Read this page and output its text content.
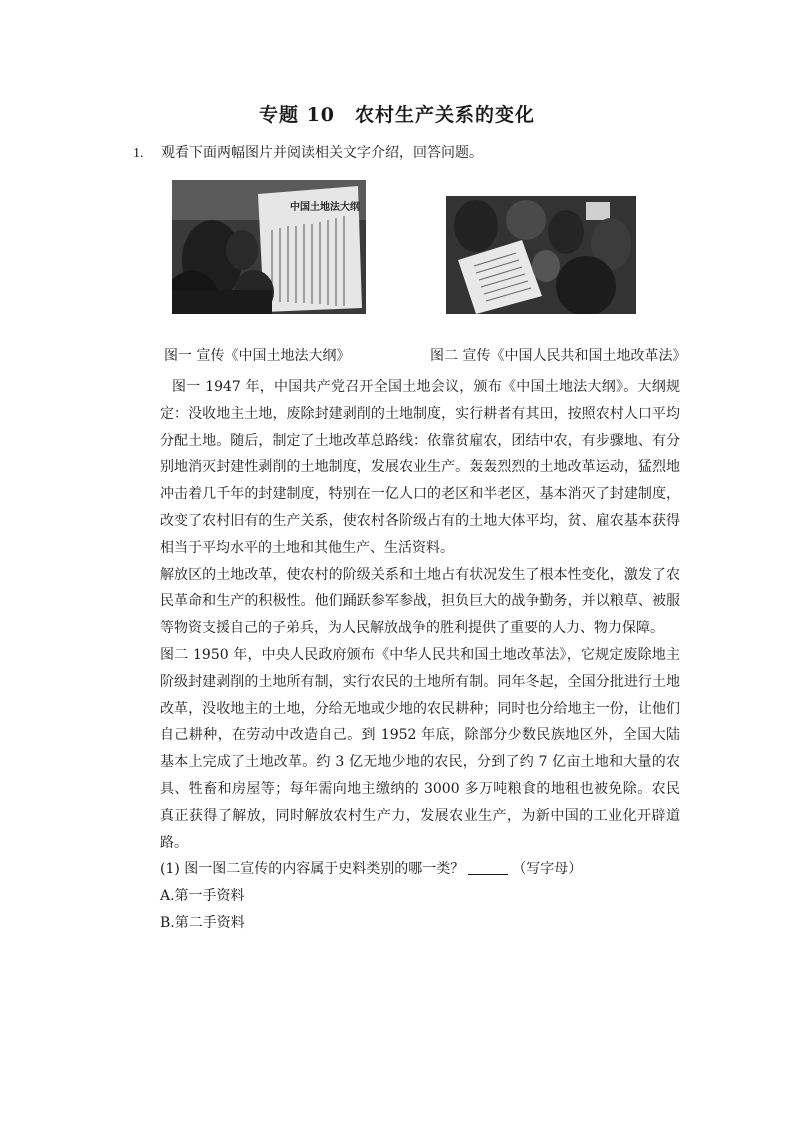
专题 10　农村生产关系的变化
1. 观看下面两幅图片并阅读相关文字介绍，回答问题。
中国土地法大纲
图一 宣传《中国土地法大纲》	图二 宣传《中国人民共和国土地改革法》

图一 1947 年，中国共产党召开全国土地会议，颁布《中国土地法大纲》。大纲规定：没收地主土地，废除封建剥削的土地制度，实行耕者有其田，按照农村人口平均分配土地。随后，制定了土地改革总路线：依靠贫雇农，团结中农，有步骤地、有分别地消灭封建性剥削的土地制度，发展农业生产。轰轰烈烈的土地改革运动，猛烈地冲击着几千年的封建制度，特别在一亿人口的老区和半老区，基本消灭了封建制度，改变了农村旧有的生产关系，使农村各阶级占有的土地大体平均，贫、雇农基本获得相当于平均水平的土地和其他生产、生活资料。

解放区的土地改革，使农村的阶级关系和土地占有状况发生了根本性变化，激发了农民革命和生产的积极性。他们踊跃参军参战，担负巨大的战争勤务，并以粮草、被服等物资支援自己的子弟兵，为人民解放战争的胜利提供了重要的人力、物力保障。

图二 1950 年，中央人民政府颁布《中华人民共和国土地改革法》，它规定废除地主阶级封建剥削的土地所有制，实行农民的土地所有制。同年冬起，全国分批进行土地改革，没收地主的土地，分给无地或少地的农民耕种；同时也分给地主一份，让他们自己耕种，在劳动中改造自己。到 1952 年底，除部分少数民族地区外，全国大陆基本上完成了土地改革。约 3 亿无地少地的农民，分到了约 7 亿亩土地和大量的农具、牲畜和房屋等；每年需向地主缴纳的 3000 多万吨粮食的地租也被免除。农民真正获得了解放，同时解放农村生产力，发展农业生产，为新中国的工业化开辟道路。

(1) 图一图二宣传的内容属于史料类别的哪一类？	（写字母）

A.第一手资料

B.第二手资料
